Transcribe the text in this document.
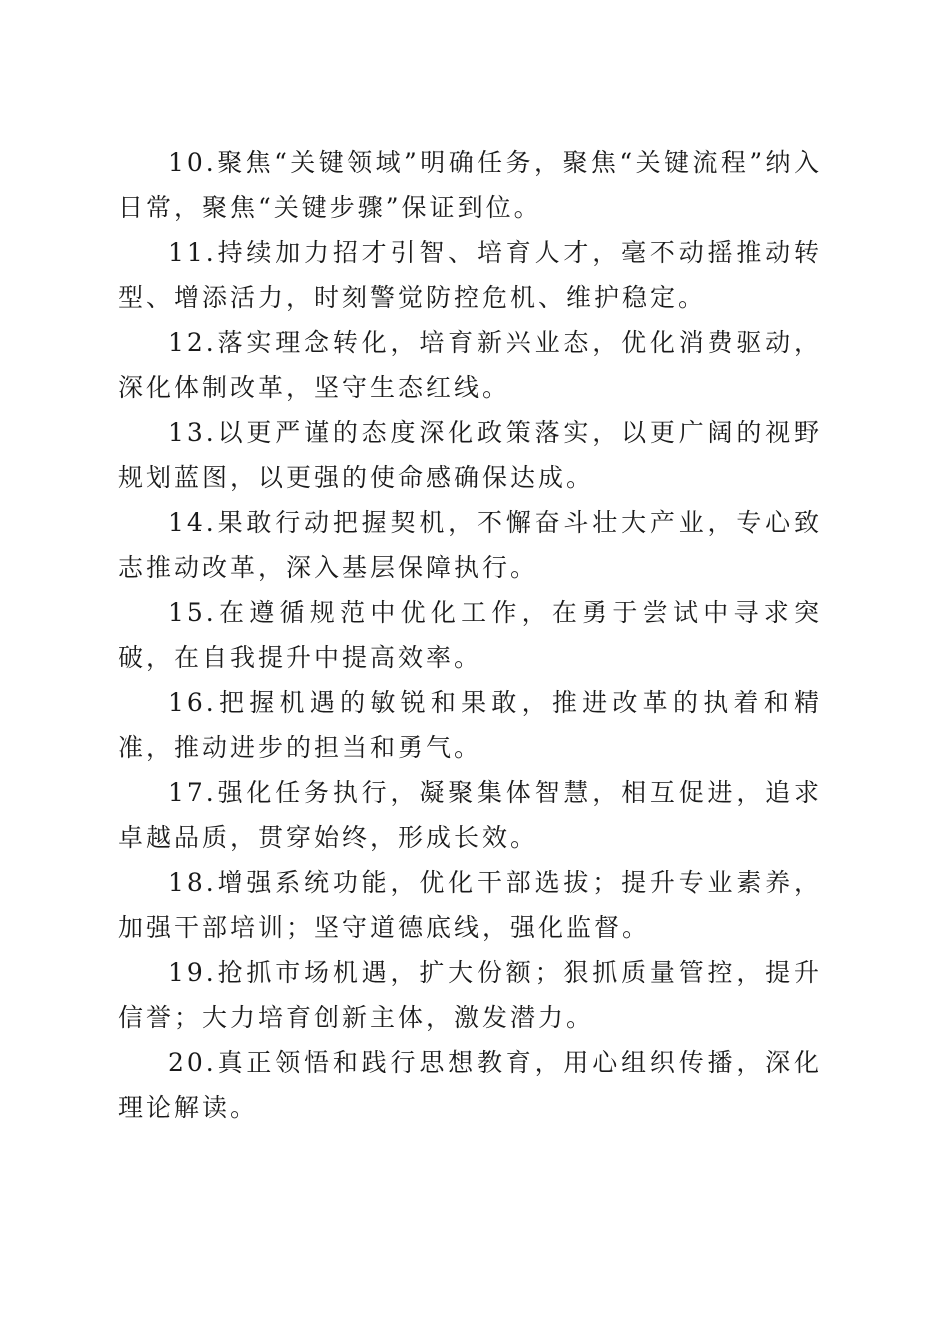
10.聚焦“关键领域”明确任务，聚焦“关键流程”纳入日常，聚焦“关键步骤”保证到位。

11.持续加力招才引智、培育人才，毫不动摇推动转型、增添活力，时刻警觉防控危机、维护稳定。

12.落实理念转化，培育新兴业态，优化消费驱动，深化体制改革，坚守生态红线。

13.以更严谨的态度深化政策落实，以更广阔的视野规划蓝图，以更强的使命感确保达成。

14.果敢行动把握契机，不懈奋斗壮大产业，专心致志推动改革，深入基层保障执行。

15.在遵循规范中优化工作，在勇于尝试中寻求突破，在自我提升中提高效率。

16.把握机遇的敏锐和果敢，推进改革的执着和精准，推动进步的担当和勇气。

17.强化任务执行，凝聚集体智慧，相互促进，追求卓越品质，贯穿始终，形成长效。

18.增强系统功能，优化干部选拔；提升专业素养，加强干部培训；坚守道德底线，强化监督。

19.抢抓市场机遇，扩大份额；狠抓质量管控，提升信誉；大力培育创新主体，激发潜力。

20.真正领悟和践行思想教育，用心组织传播，深化理论解读。
